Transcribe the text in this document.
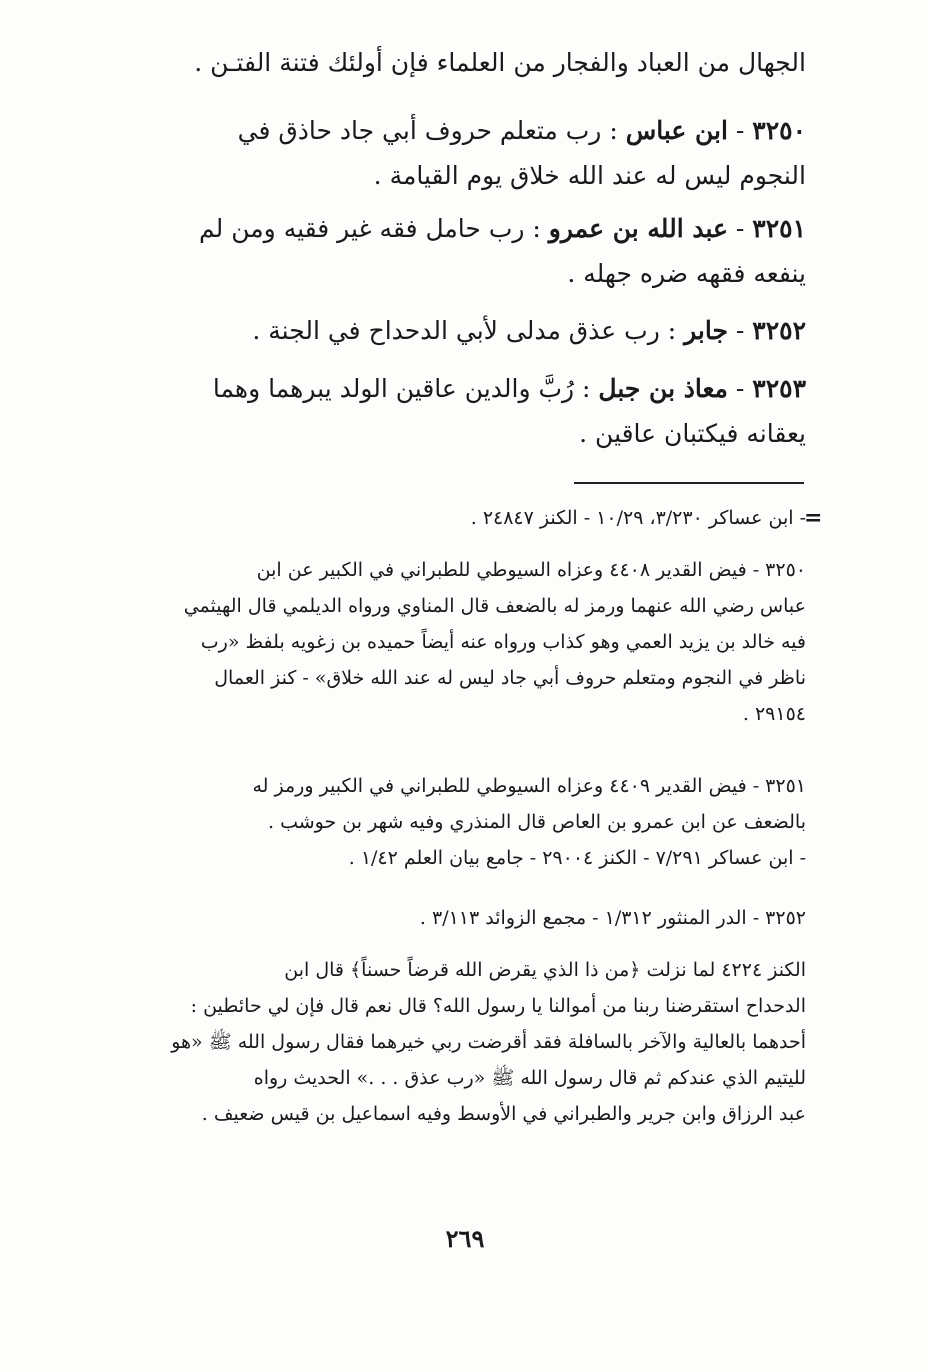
الجهال من العباد والفجار من العلماء فإن أولئك فتنة الفتـن .
٣٢٥٠ - ابن عباس : رب متعلم حروف أبي جاد حاذق في
النجوم ليس له عند الله خلاق يوم القيامة .
٣٢٥١ - عبد الله بن عمرو : رب حامل فقه غير فقيه ومن لم
ينفعه فقهه ضره جهله .
٣٢٥٢ - جابر : رب عذق مدلى لأبي الدحداح في الجنة .
٣٢٥٣ - معاذ بن جبل : رُبَّ والدين عاقين الولد يبرهما وهما
يعقانه فيكتبان عاقين .
=
- ابن عساكر ٣/٢٣٠، ١٠/٢٩ - الكنز ٢٤٨٤٧ .
٣٢٥٠ - فيض القدير ٤٤٠٨ وعزاه السيوطي للطبراني في الكبير عن ابن
عباس رضي الله عنهما ورمز له بالضعف قال المناوي ورواه الديلمي قال الهيثمي
فيه خالد بن يزيد العمي وهو كذاب ورواه عنه أيضاً حميده بن زغويه بلفظ «رب
ناظر في النجوم ومتعلم حروف أبي جاد ليس له عند الله خلاق» - كنز العمال
٢٩١٥٤ .
٣٢٥١ - فيض القدير ٤٤٠٩ وعزاه السيوطي للطبراني في الكبير ورمز له
بالضعف عن ابن عمرو بن العاص قال المنذري وفيه شهر بن حوشب .
- ابن عساكر ٧/٢٩١ - الكنز ٢٩٠٠٤ - جامع بيان العلم ١/٤٢ .
٣٢٥٢ - الدر المنثور ١/٣١٢ - مجمع الزوائد ٣/١١٣ .
الكنز ٤٢٢٤ لما نزلت ﴿من ذا الذي يقرض الله قرضاً حسناً﴾ قال ابن
الدحداح استقرضنا ربنا من أموالنا يا رسول الله؟ قال نعم قال فإن لي حائطين :
أحدهما بالعالية والآخر بالسافلة فقد أقرضت ربي خيرهما فقال رسول الله ﷺ «هو
لليتيم الذي عندكم ثم قال رسول الله ﷺ «رب عذق . . .» الحديث رواه
عبد الرزاق وابن جرير والطبراني في الأوسط وفيه اسماعيل بن قيس ضعيف .
٢٦٩
